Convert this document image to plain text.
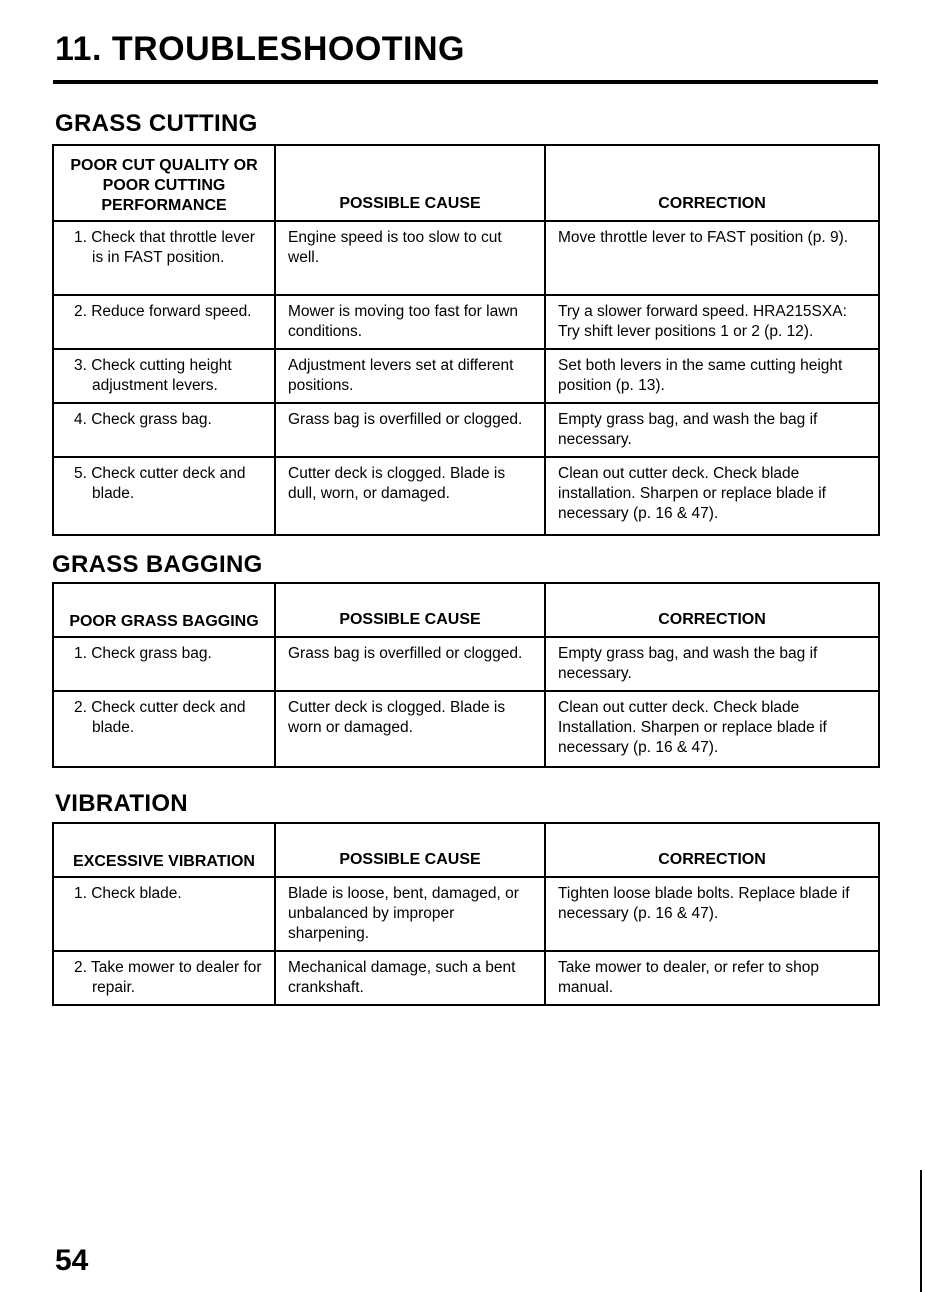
11. TROUBLESHOOTING
GRASS CUTTING
POOR CUT QUALITY OR POOR CUTTING PERFORMANCE	POSSIBLE CAUSE	CORRECTION

1. Check that throttle lever is in FAST position.	Engine speed is too slow to cut well.	Move throttle lever to FAST position (p. 9).

2. Reduce forward speed.	Mower is moving too fast for lawn conditions.	Try a slower forward speed. HRA215SXA: Try shift lever positions 1 or 2 (p. 12).

3. Check cutting height adjustment levers.	Adjustment levers set at different positions.	Set both levers in the same cutting height position (p. 13).

4. Check grass bag.	Grass bag is overfilled or clogged.	Empty grass bag, and wash the bag if necessary.

5. Check cutter deck and blade.	Cutter deck is clogged. Blade is dull, worn, or damaged.	Clean out cutter deck. Check blade installation. Sharpen or replace blade if necessary (p. 16 & 47).
GRASS BAGGING
POOR GRASS BAGGING	POSSIBLE CAUSE	CORRECTION

1. Check grass bag.	Grass bag is overfilled or clogged.	Empty grass bag, and wash the bag if necessary.

2. Check cutter deck and blade.	Cutter deck is clogged. Blade is worn or damaged.	Clean out cutter deck. Check blade Installation. Sharpen or replace blade if necessary (p. 16 & 47).
VIBRATION
EXCESSIVE VIBRATION	POSSIBLE CAUSE	CORRECTION

1. Check blade.	Blade is loose, bent, damaged, or unbalanced by improper sharpening.	Tighten loose blade bolts. Replace blade if necessary (p. 16 & 47).

2. Take mower to dealer for repair.	Mechanical damage, such a bent crankshaft.	Take mower to dealer, or refer to shop manual.
54
